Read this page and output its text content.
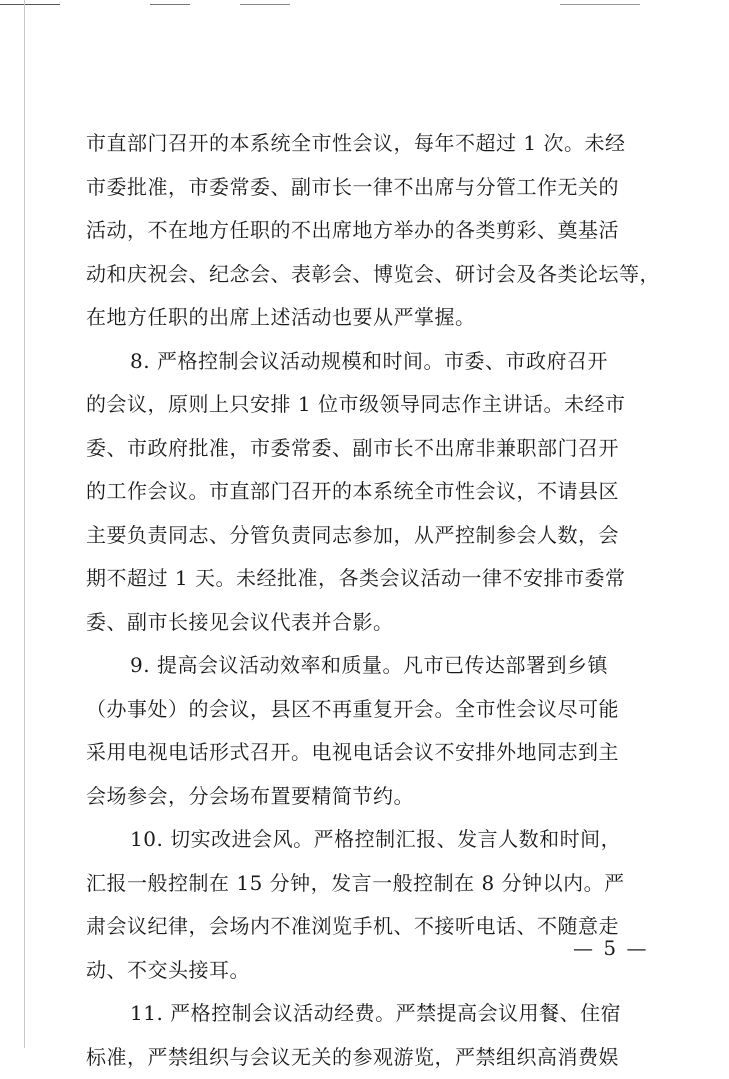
市直部门召开的本系统全市性会议，每年不超过 1 次。未经
市委批准，市委常委、副市长一律不出席与分管工作无关的
活动，不在地方任职的不出席地方举办的各类剪彩、奠基活
动和庆祝会、纪念会、表彰会、博览会、研讨会及各类论坛等，
在地方任职的出席上述活动也要从严掌握。
8. 严格控制会议活动规模和时间。市委、市政府召开
的会议，原则上只安排 1 位市级领导同志作主讲话。未经市
委、市政府批准，市委常委、副市长不出席非兼职部门召开
的工作会议。市直部门召开的本系统全市性会议，不请县区
主要负责同志、分管负责同志参加，从严控制参会人数，会
期不超过 1 天。未经批准，各类会议活动一律不安排市委常
委、副市长接见会议代表并合影。
9. 提高会议活动效率和质量。凡市已传达部署到乡镇
（办事处）的会议，县区不再重复开会。全市性会议尽可能
采用电视电话形式召开。电视电话会议不安排外地同志到主
会场参会，分会场布置要精简节约。
10. 切实改进会风。严格控制汇报、发言人数和时间，
汇报一般控制在 15 分钟，发言一般控制在 8 分钟以内。严
肃会议纪律，会场内不准浏览手机、不接听电话、不随意走
动、不交头接耳。
11. 严格控制会议活动经费。严禁提高会议用餐、住宿
标准，严禁组织与会议无关的参观游览，严禁组织高消费娱
— 5 —
